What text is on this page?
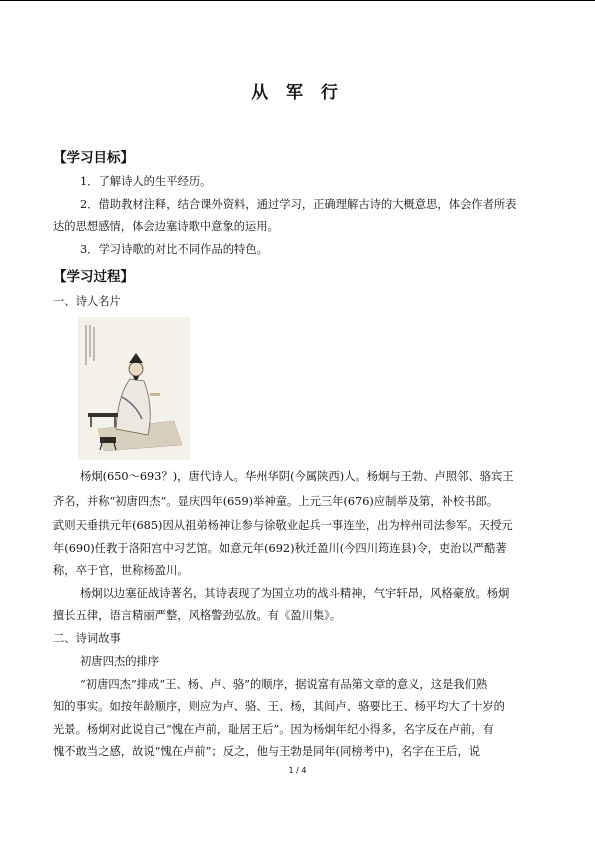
从 军 行
【学习目标】
1．了解诗人的生平经历。
2．借助教材注释，结合课外资料，通过学习，正确理解古诗的大概意思，体会作者所表
达的思想感情，体会边塞诗歌中意象的运用。
3．学习诗歌的对比不同作品的特色。
【学习过程】
一、诗人名片
杨炯(650～693？)，唐代诗人。华州华阴(今属陕西)人。杨炯与王勃、卢照邻、骆宾王
齐名，并称“初唐四杰”。显庆四年(659)举神童。上元三年(676)应制举及第，补校书郎。
武则天垂拱元年(685)因从祖弟杨神让参与徐敬业起兵一事连坐，出为梓州司法参军。天授元
年(690)任教于洛阳宫中习艺馆。如意元年(692)秋迁盈川(今四川筠连县)令，吏治以严酷著
称，卒于官，世称杨盈川。
杨炯以边塞征战诗著名，其诗表现了为国立功的战斗精神，气宇轩昂，风格豪放。杨炯
擅长五律，语言精丽严整，风格警劲弘放。有《盈川集》。
二、诗词故事
初唐四杰的排序
“初唐四杰”排成“王、杨、卢、骆”的顺序，据说富有品第文章的意义，这是我们熟
知的事实。如按年龄顺序，则应为卢、骆、王、杨，其间卢、骆要比王、杨平均大了十岁的
光景。杨炯对此说自己“愧在卢前，耻居王后”。因为杨炯年纪小得多，名字反在卢前，有
愧不敢当之感，故说“愧在卢前”；反之，他与王勃是同年(同榜考中)，名字在王后，说
1 / 4
